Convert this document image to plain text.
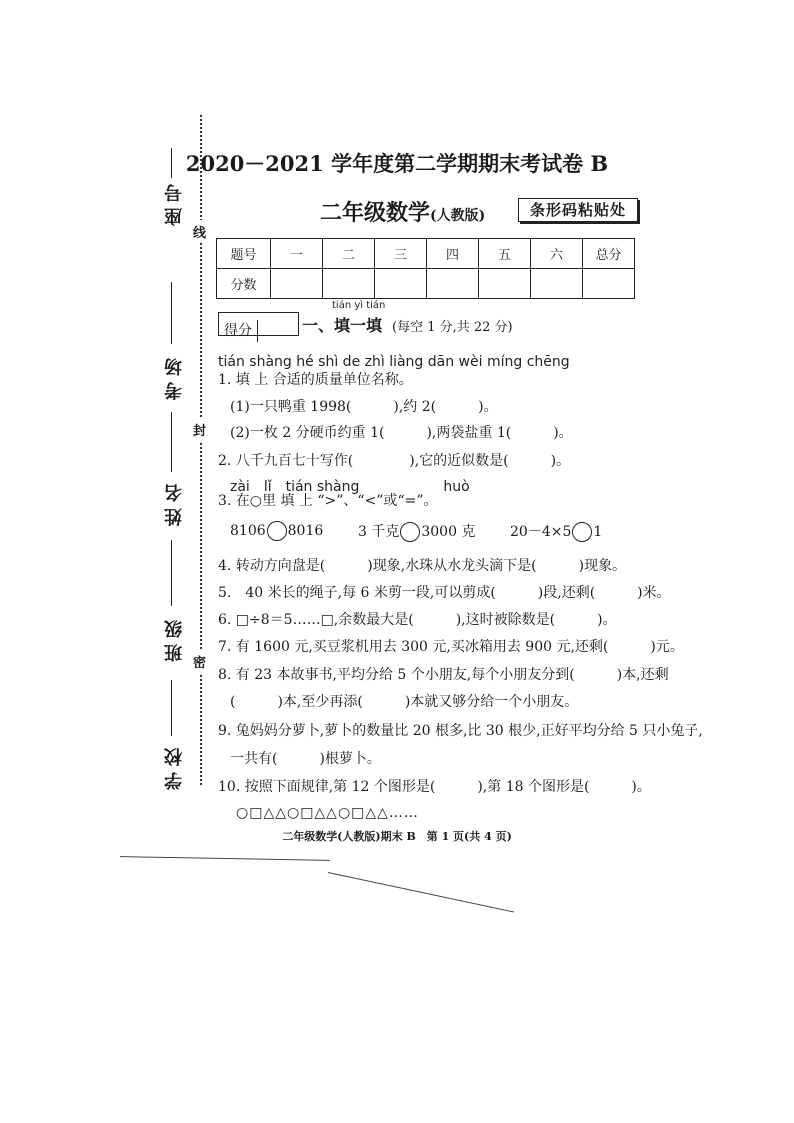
座号
考场
姓名
班级
学校
线
封
密
2020－2021 学年度第二学期期末考试卷 B
二年级数学(人教版)	条形码粘贴处
题号	一	二	三	四	五	六	总分
分数							
得分
tián yì tián
一、填一填 (每空 1 分,共 22 分)
tián shàng hé shì de zhì liàng dān wèi míng chēng
1. 填 上 合适的质量单位名称。
(1)一只鸭重 1998(　　　),约 2(　　　)。
(2)一枚 2 分硬币约重 1(　　　),两袋盐重 1(　　　)。
2. 八千九百七十写作(　　　　),它的近似数是(　　　)。
zài　lǐ　tián shàng　　　　　　huò
3. 在○里 填 上 “>”、“<”或“=”。
8106 8016 3 千克 3000 克 20－4×5 1
4. 转动方向盘是(　　　)现象,水珠从水龙头滴下是(　　　)现象。
5.　40 米长的绳子,每 6 米剪一段,可以剪成(　　　)段,还剩(　　　)米。
6. □÷8＝5……□,余数最大是(　　　),这时被除数是(　　　)。
7. 有 1600 元,买豆浆机用去 300 元,买冰箱用去 900 元,还剩(　　　)元。
8. 有 23 本故事书,平均分给 5 个小朋友,每个小朋友分到(　　　)本,还剩
(　　　)本,至少再添(　　　)本就又够分给一个小朋友。
9. 兔妈妈分萝卜,萝卜的数量比 20 根多,比 30 根少,正好平均分给 5 只小兔子,
一共有(　　　)根萝卜。
10. 按照下面规律,第 12 个图形是(　　　),第 18 个图形是(　　　)。
○□△△○□△△○□△△……
二年级数学(人教版)期末 B　第 1 页(共 4 页)
